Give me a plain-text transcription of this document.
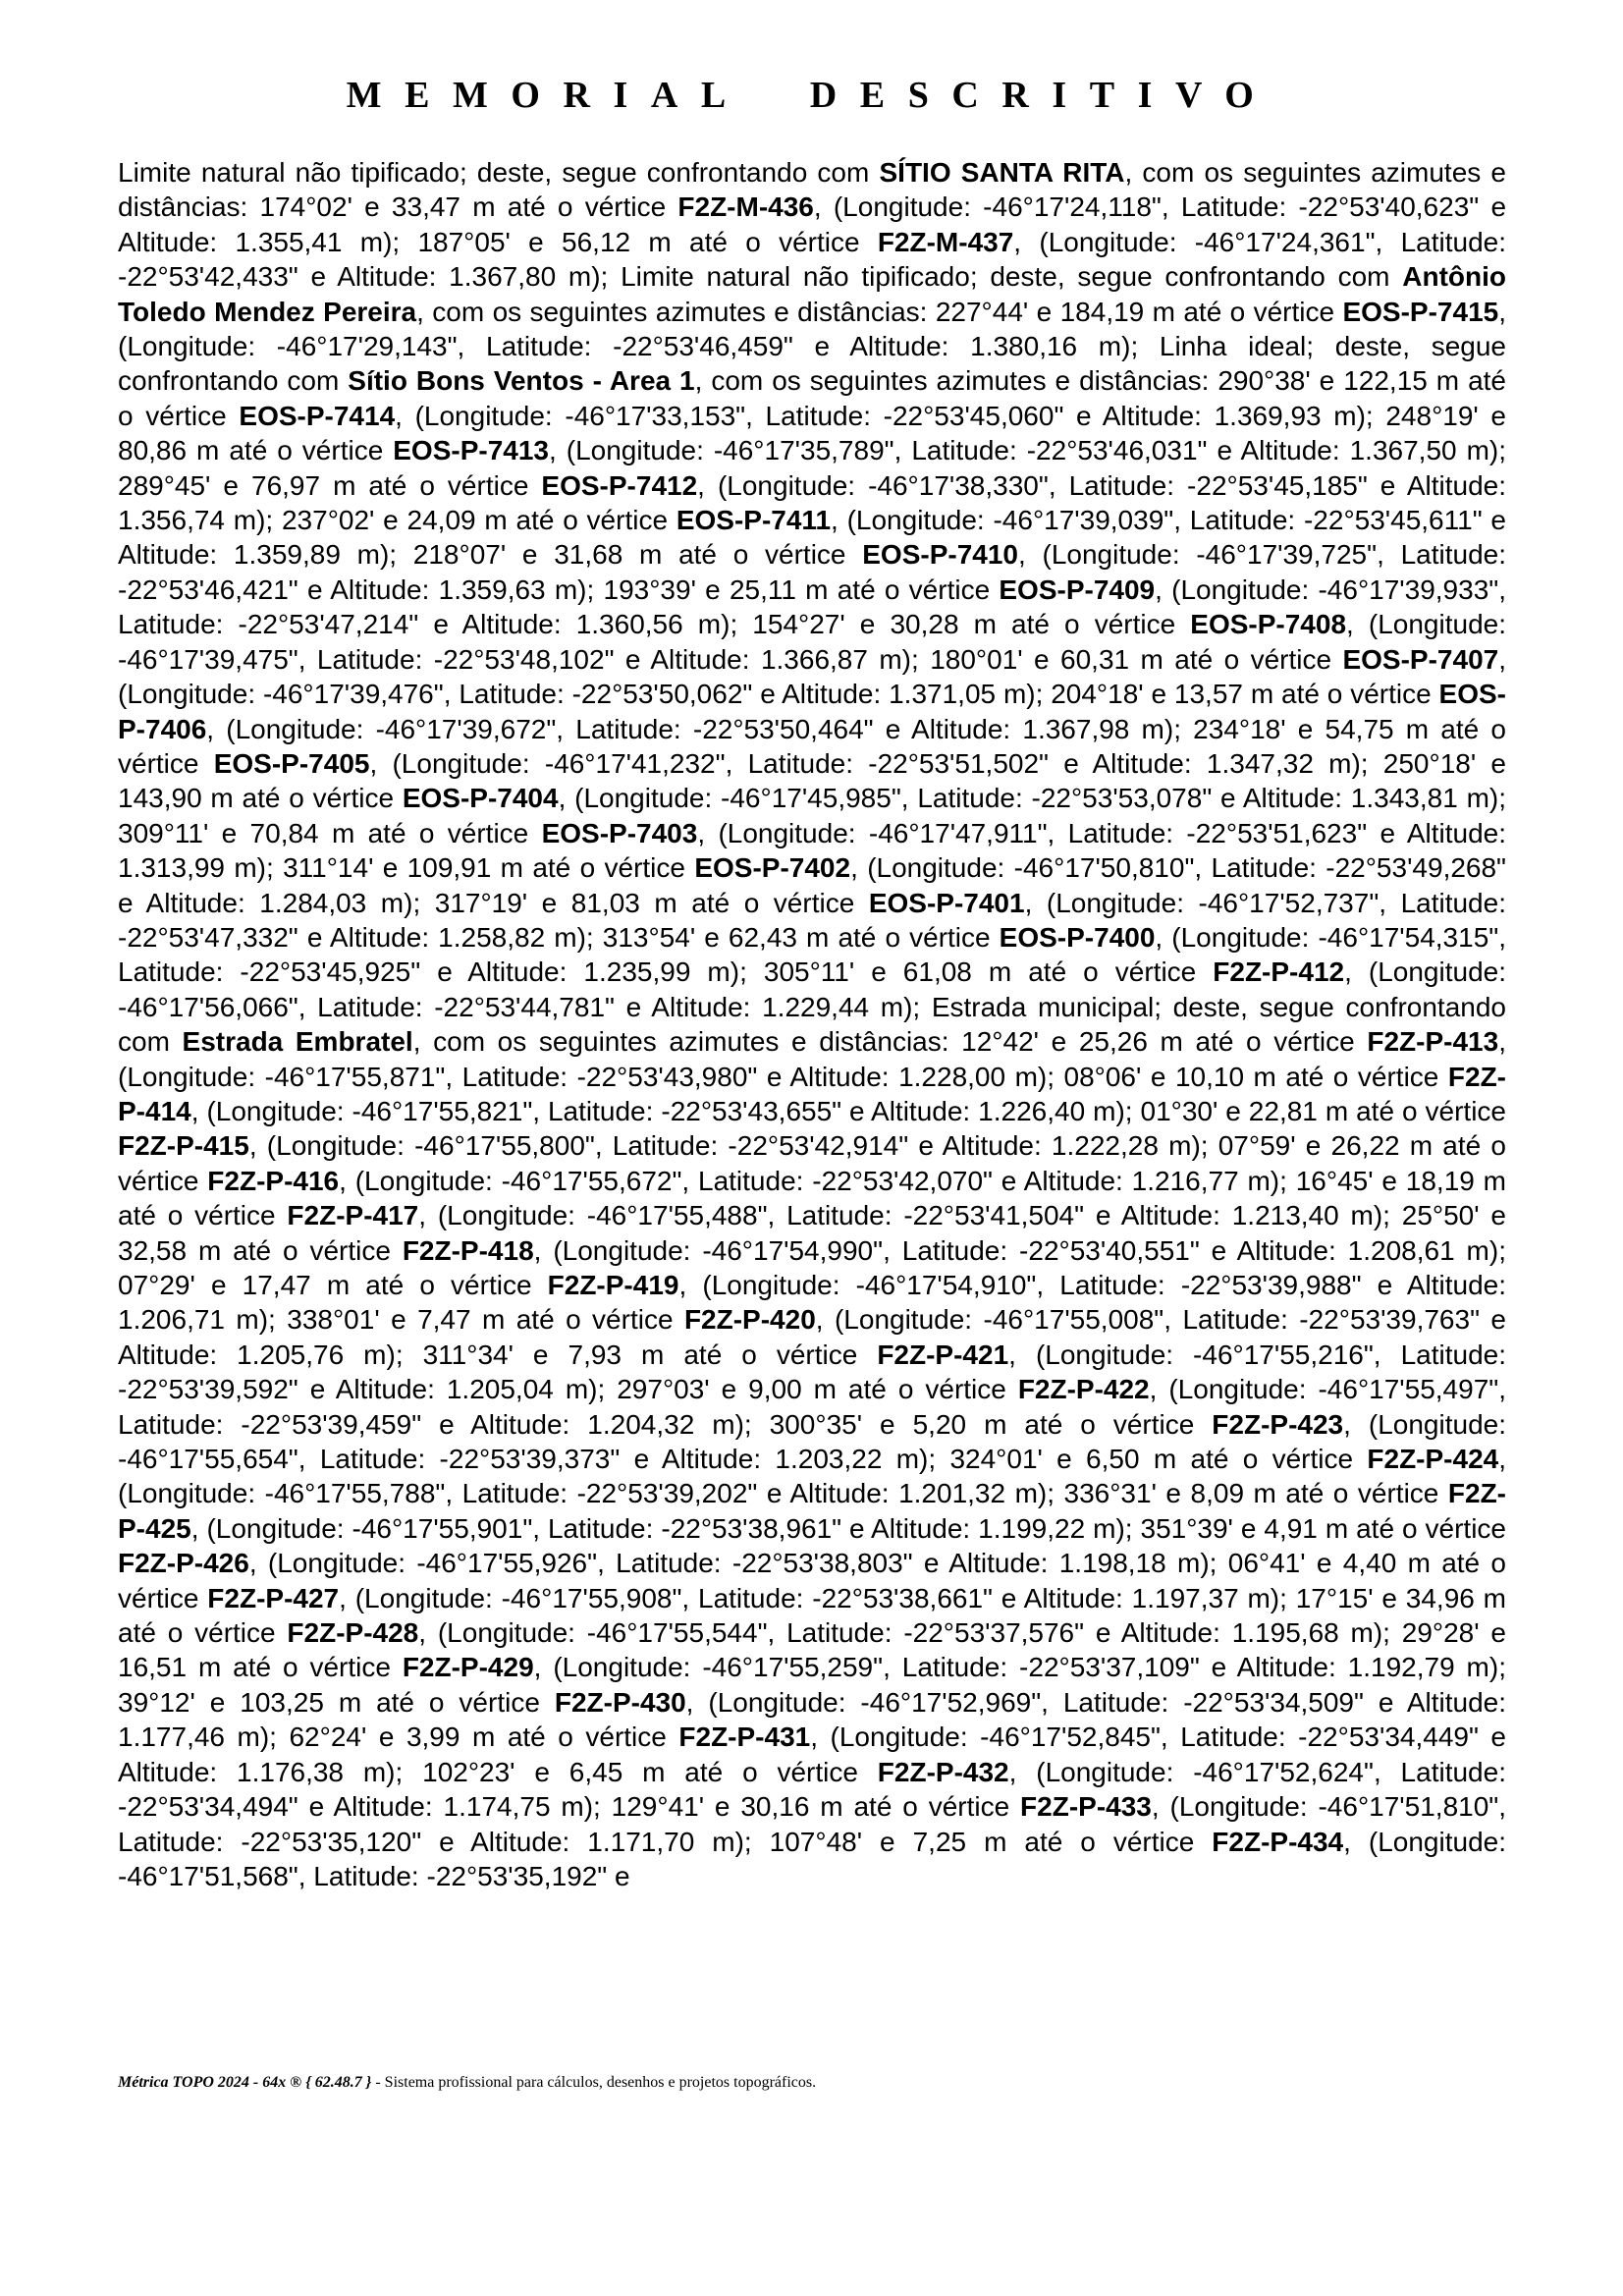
MEMORIAL DESCRITIVO

Limite natural não tipificado; deste, segue confrontando com SÍTIO SANTA RITA, com os seguintes azimutes e distâncias: 174°02' e 33,47 m até o vértice F2Z-M-436, (Longitude: -46°17'24,118", Latitude: -22°53'40,623" e Altitude: 1.355,41 m); 187°05' e 56,12 m até o vértice F2Z-M-437, (Longitude: -46°17'24,361", Latitude: -22°53'42,433" e Altitude: 1.367,80 m); Limite natural não tipificado; deste, segue confrontando com Antônio Toledo Mendez Pereira, com os seguintes azimutes e distâncias: 227°44' e 184,19 m até o vértice EOS-P-7415, (Longitude: -46°17'29,143", Latitude: -22°53'46,459" e Altitude: 1.380,16 m); Linha ideal; deste, segue confrontando com Sítio Bons Ventos - Area 1, com os seguintes azimutes e distâncias: 290°38' e 122,15 m até o vértice EOS-P-7414, (Longitude: -46°17'33,153", Latitude: -22°53'45,060" e Altitude: 1.369,93 m); 248°19' e 80,86 m até o vértice EOS-P-7413, (Longitude: -46°17'35,789", Latitude: -22°53'46,031" e Altitude: 1.367,50 m); 289°45' e 76,97 m até o vértice EOS-P-7412, (Longitude: -46°17'38,330", Latitude: -22°53'45,185" e Altitude: 1.356,74 m); 237°02' e 24,09 m até o vértice EOS-P-7411, (Longitude: -46°17'39,039", Latitude: -22°53'45,611" e Altitude: 1.359,89 m); 218°07' e 31,68 m até o vértice EOS-P-7410, (Longitude: -46°17'39,725", Latitude: -22°53'46,421" e Altitude: 1.359,63 m); 193°39' e 25,11 m até o vértice EOS-P-7409, (Longitude: -46°17'39,933", Latitude: -22°53'47,214" e Altitude: 1.360,56 m); 154°27' e 30,28 m até o vértice EOS-P-7408, (Longitude: -46°17'39,475", Latitude: -22°53'48,102" e Altitude: 1.366,87 m); 180°01' e 60,31 m até o vértice EOS-P-7407, (Longitude: -46°17'39,476", Latitude: -22°53'50,062" e Altitude: 1.371,05 m); 204°18' e 13,57 m até o vértice EOS-P-7406, (Longitude: -46°17'39,672", Latitude: -22°53'50,464" e Altitude: 1.367,98 m); 234°18' e 54,75 m até o vértice EOS-P-7405, (Longitude: -46°17'41,232", Latitude: -22°53'51,502" e Altitude: 1.347,32 m); 250°18' e 143,90 m até o vértice EOS-P-7404, (Longitude: -46°17'45,985", Latitude: -22°53'53,078" e Altitude: 1.343,81 m); 309°11' e 70,84 m até o vértice EOS-P-7403, (Longitude: -46°17'47,911", Latitude: -22°53'51,623" e Altitude: 1.313,99 m); 311°14' e 109,91 m até o vértice EOS-P-7402, (Longitude: -46°17'50,810", Latitude: -22°53'49,268" e Altitude: 1.284,03 m); 317°19' e 81,03 m até o vértice EOS-P-7401, (Longitude: -46°17'52,737", Latitude: -22°53'47,332" e Altitude: 1.258,82 m); 313°54' e 62,43 m até o vértice EOS-P-7400, (Longitude: -46°17'54,315", Latitude: -22°53'45,925" e Altitude: 1.235,99 m); 305°11' e 61,08 m até o vértice F2Z-P-412, (Longitude: -46°17'56,066", Latitude: -22°53'44,781" e Altitude: 1.229,44 m); Estrada municipal; deste, segue confrontando com Estrada Embratel, com os seguintes azimutes e distâncias: 12°42' e 25,26 m até o vértice F2Z-P-413, (Longitude: -46°17'55,871", Latitude: -22°53'43,980" e Altitude: 1.228,00 m); 08°06' e 10,10 m até o vértice F2Z-P-414, (Longitude: -46°17'55,821", Latitude: -22°53'43,655" e Altitude: 1.226,40 m); 01°30' e 22,81 m até o vértice F2Z-P-415, (Longitude: -46°17'55,800", Latitude: -22°53'42,914" e Altitude: 1.222,28 m); 07°59' e 26,22 m até o vértice F2Z-P-416, (Longitude: -46°17'55,672", Latitude: -22°53'42,070" e Altitude: 1.216,77 m); 16°45' e 18,19 m até o vértice F2Z-P-417, (Longitude: -46°17'55,488", Latitude: -22°53'41,504" e Altitude: 1.213,40 m); 25°50' e 32,58 m até o vértice F2Z-P-418, (Longitude: -46°17'54,990", Latitude: -22°53'40,551" e Altitude: 1.208,61 m); 07°29' e 17,47 m até o vértice F2Z-P-419, (Longitude: -46°17'54,910", Latitude: -22°53'39,988" e Altitude: 1.206,71 m); 338°01' e 7,47 m até o vértice F2Z-P-420, (Longitude: -46°17'55,008", Latitude: -22°53'39,763" e Altitude: 1.205,76 m); 311°34' e 7,93 m até o vértice F2Z-P-421, (Longitude: -46°17'55,216", Latitude: -22°53'39,592" e Altitude: 1.205,04 m); 297°03' e 9,00 m até o vértice F2Z-P-422, (Longitude: -46°17'55,497", Latitude: -22°53'39,459" e Altitude: 1.204,32 m); 300°35' e 5,20 m até o vértice F2Z-P-423, (Longitude: -46°17'55,654", Latitude: -22°53'39,373" e Altitude: 1.203,22 m); 324°01' e 6,50 m até o vértice F2Z-P-424, (Longitude: -46°17'55,788", Latitude: -22°53'39,202" e Altitude: 1.201,32 m); 336°31' e 8,09 m até o vértice F2Z-P-425, (Longitude: -46°17'55,901", Latitude: -22°53'38,961" e Altitude: 1.199,22 m); 351°39' e 4,91 m até o vértice F2Z-P-426, (Longitude: -46°17'55,926", Latitude: -22°53'38,803" e Altitude: 1.198,18 m); 06°41' e 4,40 m até o vértice F2Z-P-427, (Longitude: -46°17'55,908", Latitude: -22°53'38,661" e Altitude: 1.197,37 m); 17°15' e 34,96 m até o vértice F2Z-P-428, (Longitude: -46°17'55,544", Latitude: -22°53'37,576" e Altitude: 1.195,68 m); 29°28' e 16,51 m até o vértice F2Z-P-429, (Longitude: -46°17'55,259", Latitude: -22°53'37,109" e Altitude: 1.192,79 m); 39°12' e 103,25 m até o vértice F2Z-P-430, (Longitude: -46°17'52,969", Latitude: -22°53'34,509" e Altitude: 1.177,46 m); 62°24' e 3,99 m até o vértice F2Z-P-431, (Longitude: -46°17'52,845", Latitude: -22°53'34,449" e Altitude: 1.176,38 m); 102°23' e 6,45 m até o vértice F2Z-P-432, (Longitude: -46°17'52,624", Latitude: -22°53'34,494" e Altitude: 1.174,75 m); 129°41' e 30,16 m até o vértice F2Z-P-433, (Longitude: -46°17'51,810", Latitude: -22°53'35,120" e Altitude: 1.171,70 m); 107°48' e 7,25 m até o vértice F2Z-P-434, (Longitude: -46°17'51,568", Latitude: -22°53'35,192" e

Métrica TOPO 2024 - 64x ® { 62.48.7 } - Sistema profissional para cálculos, desenhos e projetos topográficos.
